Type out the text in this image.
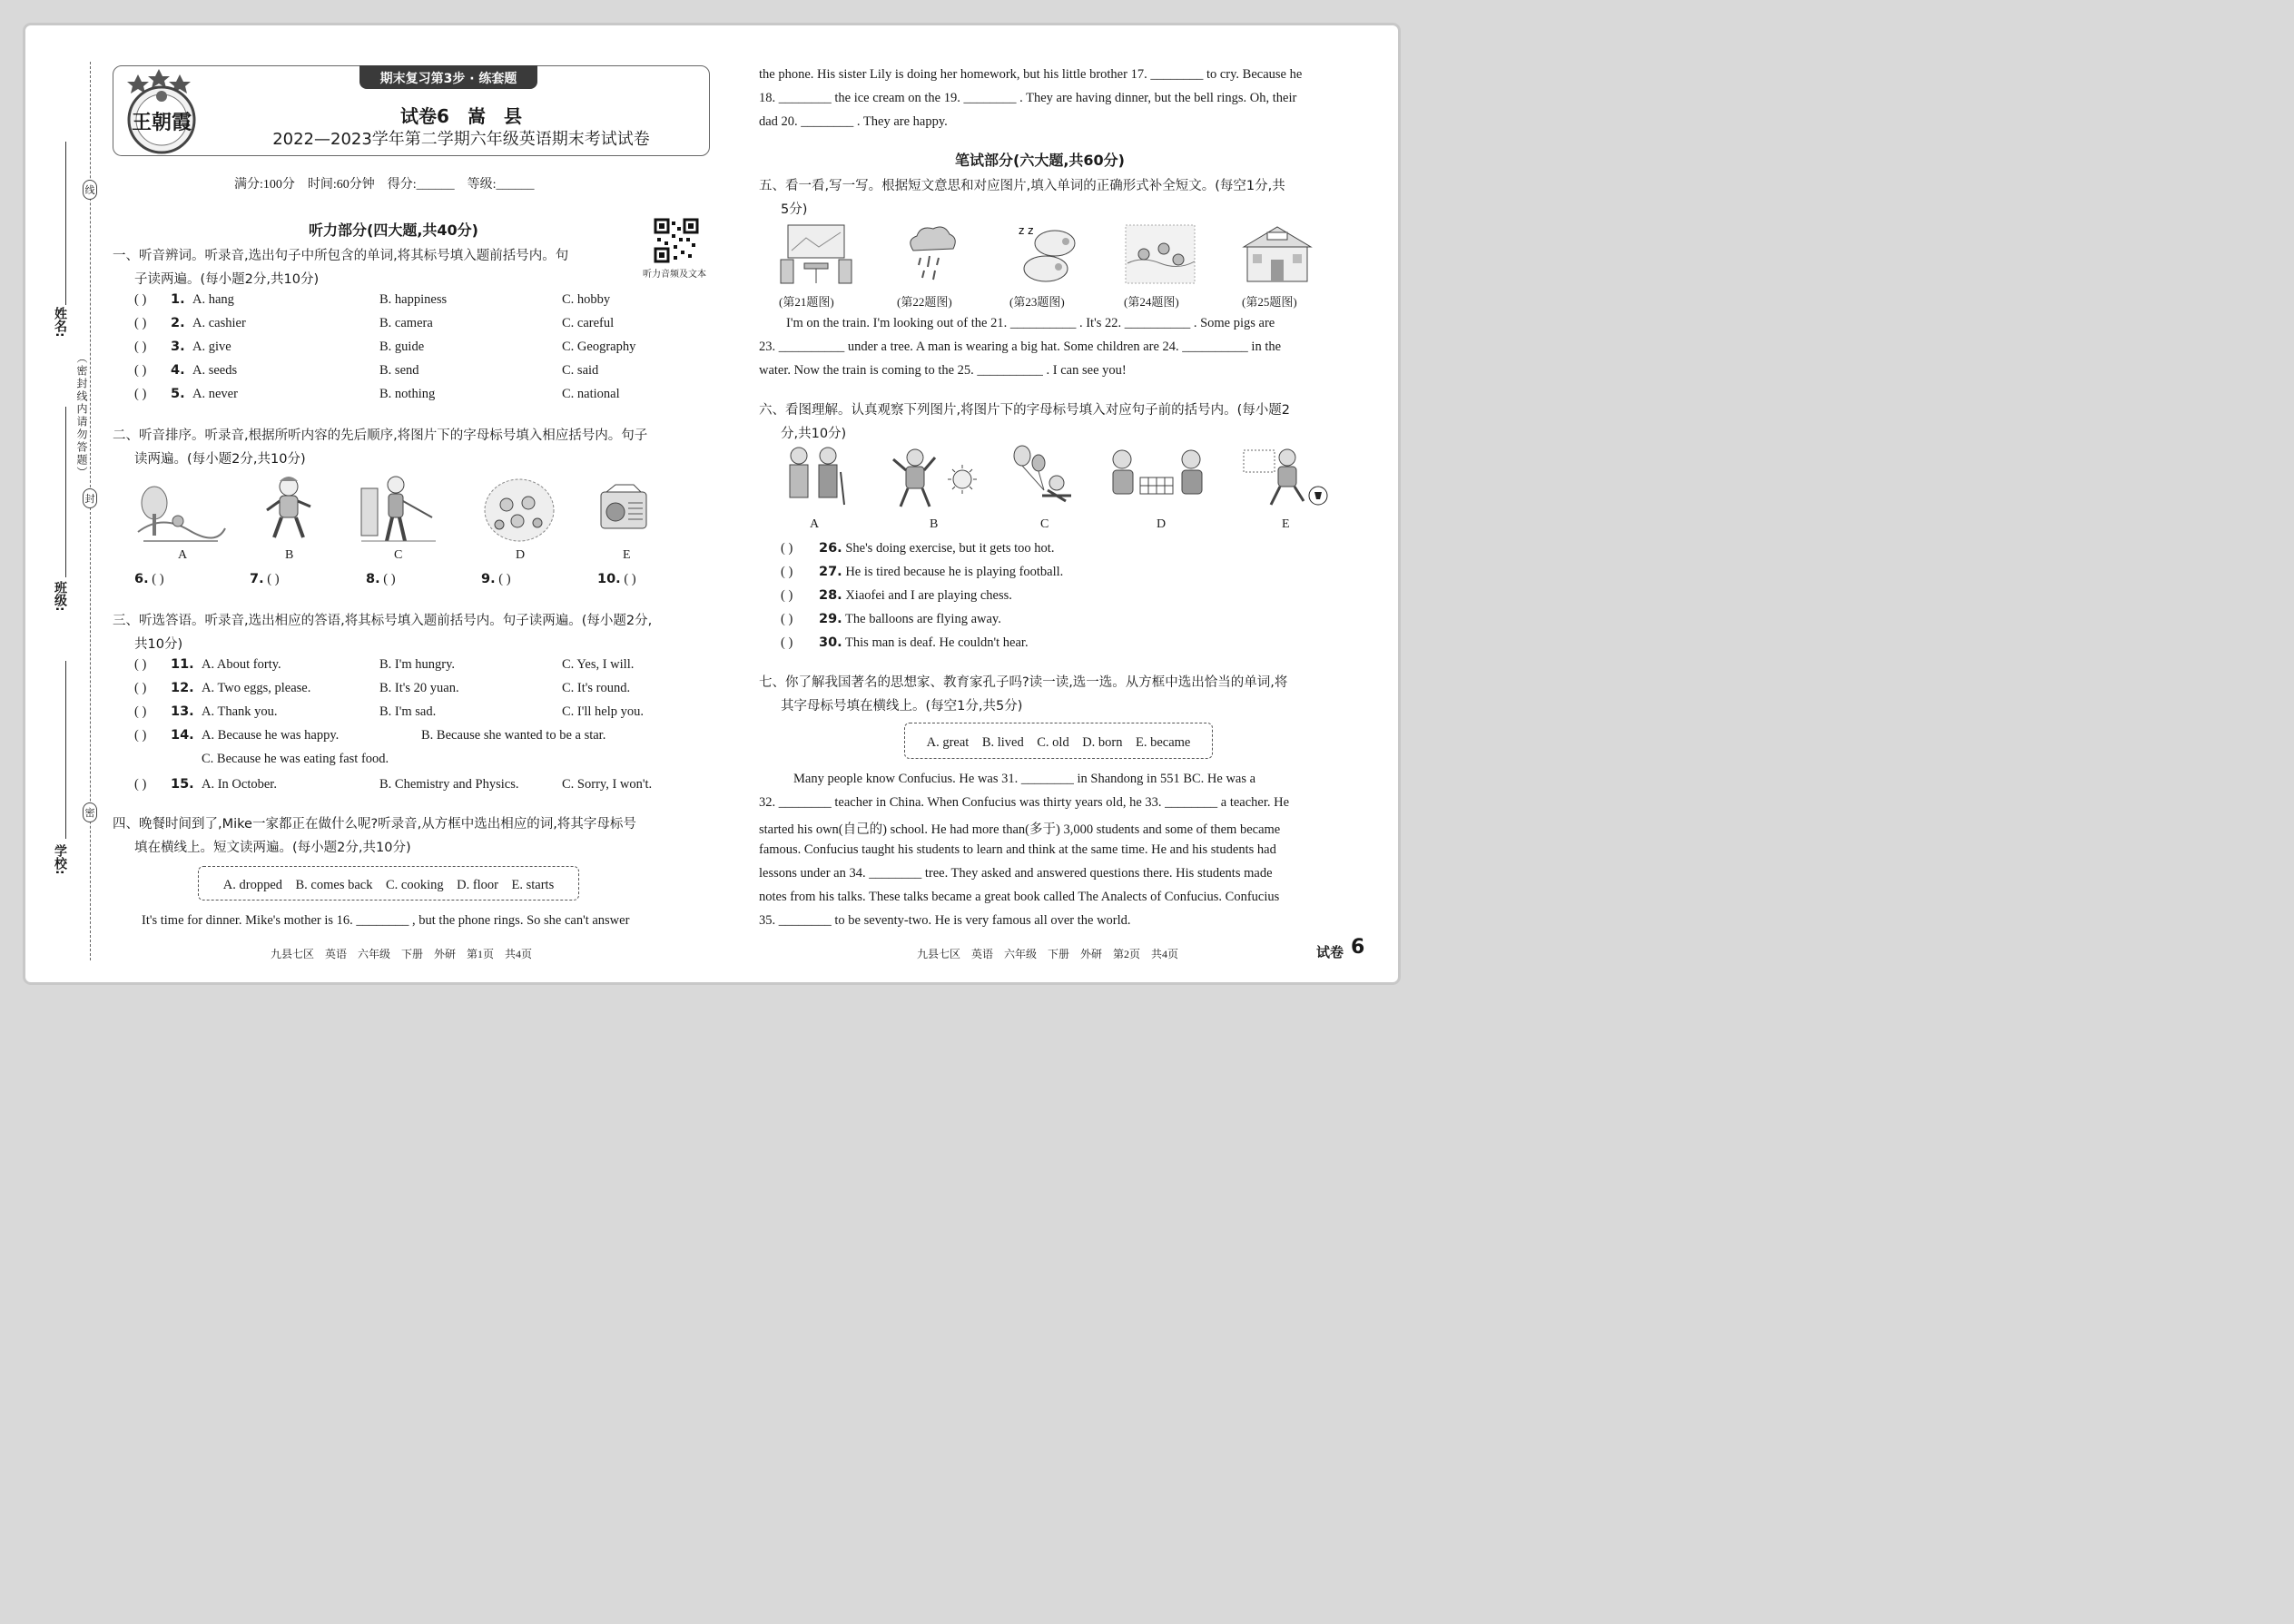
线
封
密
（密封线内请勿答题）
姓名:
班级:
学校:
期末复习第3步 · 练套题
王朝霞	试卷6　嵩　县
2022—2023学年第二学期六年级英语期末考试试卷
满分:100分　时间:60分钟　得分:______　等级:______
听力部分(四大题,共40分)
听力音频及文本
一、听音辨词。听录音,选出句子中所包含的单词,将其标号填入题前括号内。句
子读两遍。(每小题2分,共10分)
( ) 1. A. hang	B. happiness	C. hobby
( ) 2. A. cashier	B. camera	C. careful
( ) 3. A. give	B. guide	C. Geography
( ) 4. A. seeds	B. send	C. said
( ) 5. A. never	B. nothing	C. national
二、听音排序。听录音,根据所听内容的先后顺序,将图片下的字母标号填入相应括号内。句子
读两遍。(每小题2分,共10分)
A	B	C	D	E
6. ( )	7. ( )	8. ( )	9. ( )	10. ( )
三、听选答语。听录音,选出相应的答语,将其标号填入题前括号内。句子读两遍。(每小题2分,
共10分)
( ) 11. A. About forty.	B. I'm hungry.	C. Yes, I will.
( ) 12. A. Two eggs, please.	B. It's 20 yuan.	C. It's round.
( ) 13. A. Thank you.	B. I'm sad.	C. I'll help you.
( ) 14. A. Because he was happy.	B. Because she wanted to be a star.
C. Because he was eating fast food.
( ) 15. A. In October.	B. Chemistry and Physics.	C. Sorry, I won't.
四、晚餐时间到了,Mike一家都正在做什么呢?听录音,从方框中选出相应的词,将其字母标号
填在横线上。短文读两遍。(每小题2分,共10分)
A. dropped　B. comes back　C. cooking　D. floor　E. starts
It's time for dinner. Mike's mother is 16. ________ , but the phone rings. So she can't answer
九县七区　英语　六年级　下册　外研　第1页　共4页
the phone. His sister Lily is doing her homework, but his little brother 17. ________ to cry. Because he
18. ________ the ice cream on the 19. ________ . They are having dinner, but the bell rings. Oh, their
dad 20. ________ . They are happy.
笔试部分(六大题,共60分)
五、看一看,写一写。根据短文意思和对应图片,填入单词的正确形式补全短文。(每空1分,共
5分)
z z
(第21题图)	(第22题图)	(第23题图)	(第24题图)	(第25题图)
I'm on the train. I'm looking out of the 21. __________ . It's 22. __________ . Some pigs are
23. __________ under a tree. A man is wearing a big hat. Some children are 24. __________ in the
water. Now the train is coming to the 25. __________ . I can see you!
六、看图理解。认真观察下列图片,将图片下的字母标号填入对应句子前的括号内。(每小题2
分,共10分)
A	B	C	D	E
( ) 26. She's doing exercise, but it gets too hot.
( ) 27. He is tired because he is playing football.
( ) 28. Xiaofei and I are playing chess.
( ) 29. The balloons are flying away.
( ) 30. This man is deaf. He couldn't hear.
七、你了解我国著名的思想家、教育家孔子吗?读一读,选一选。从方框中选出恰当的单词,将
其字母标号填在横线上。(每空1分,共5分)
A. great　B. lived　C. old　D. born　E. became
Many people know Confucius. He was 31. ________ in Shandong in 551 BC. He was a
32. ________ teacher in China. When Confucius was thirty years old, he 33. ________ a teacher. He
started his own(自己的) school. He had more than(多于) 3,000 students and some of them became
famous. Confucius taught his students to learn and think at the same time. He and his students had
lessons under an 34. ________ tree. They asked and answered questions there. His students made
notes from his talks. These talks became a great book called The Analects of Confucius. Confucius
35. ________ to be seventy-two. He is very famous all over the world.
九县七区　英语　六年级　下册　外研　第2页　共4页	试卷 6
